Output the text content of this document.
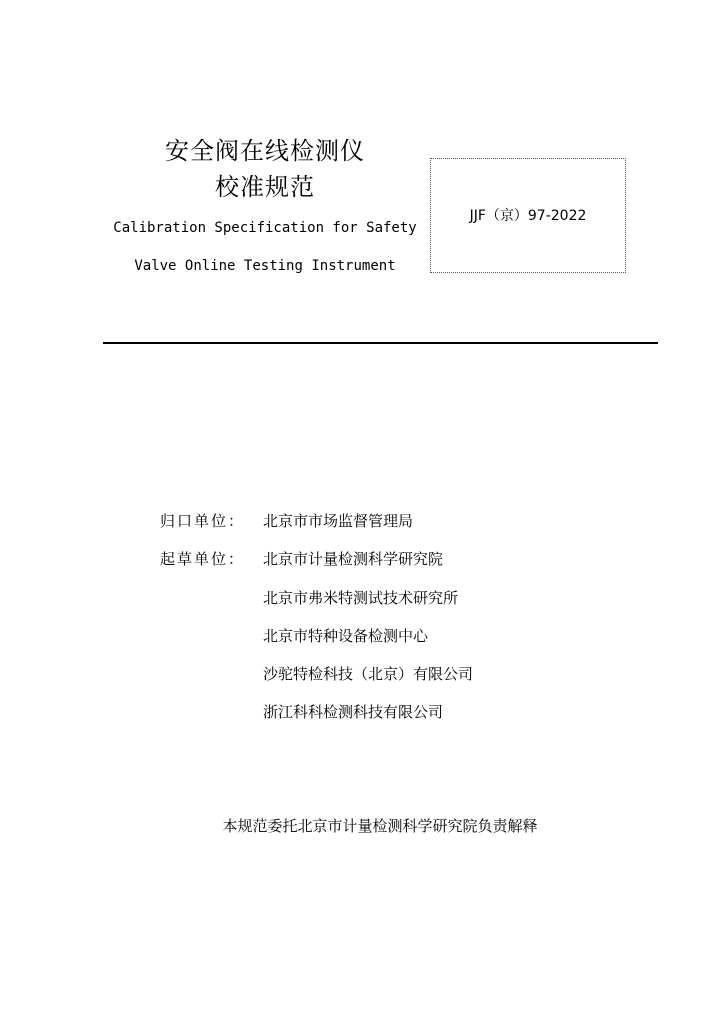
安全阀在线检测仪
校准规范
Calibration Specification for Safety
Valve Online Testing Instrument
JJF（京）97-2022
归口单位： 北京市市场监督管理局
起草单位： 北京市计量检测科学研究院
北京市弗米特测试技术研究所
北京市特种设备检测中心
沙驼特检科技（北京）有限公司
浙江科科检测科技有限公司
本规范委托北京市计量检测科学研究院负责解释
